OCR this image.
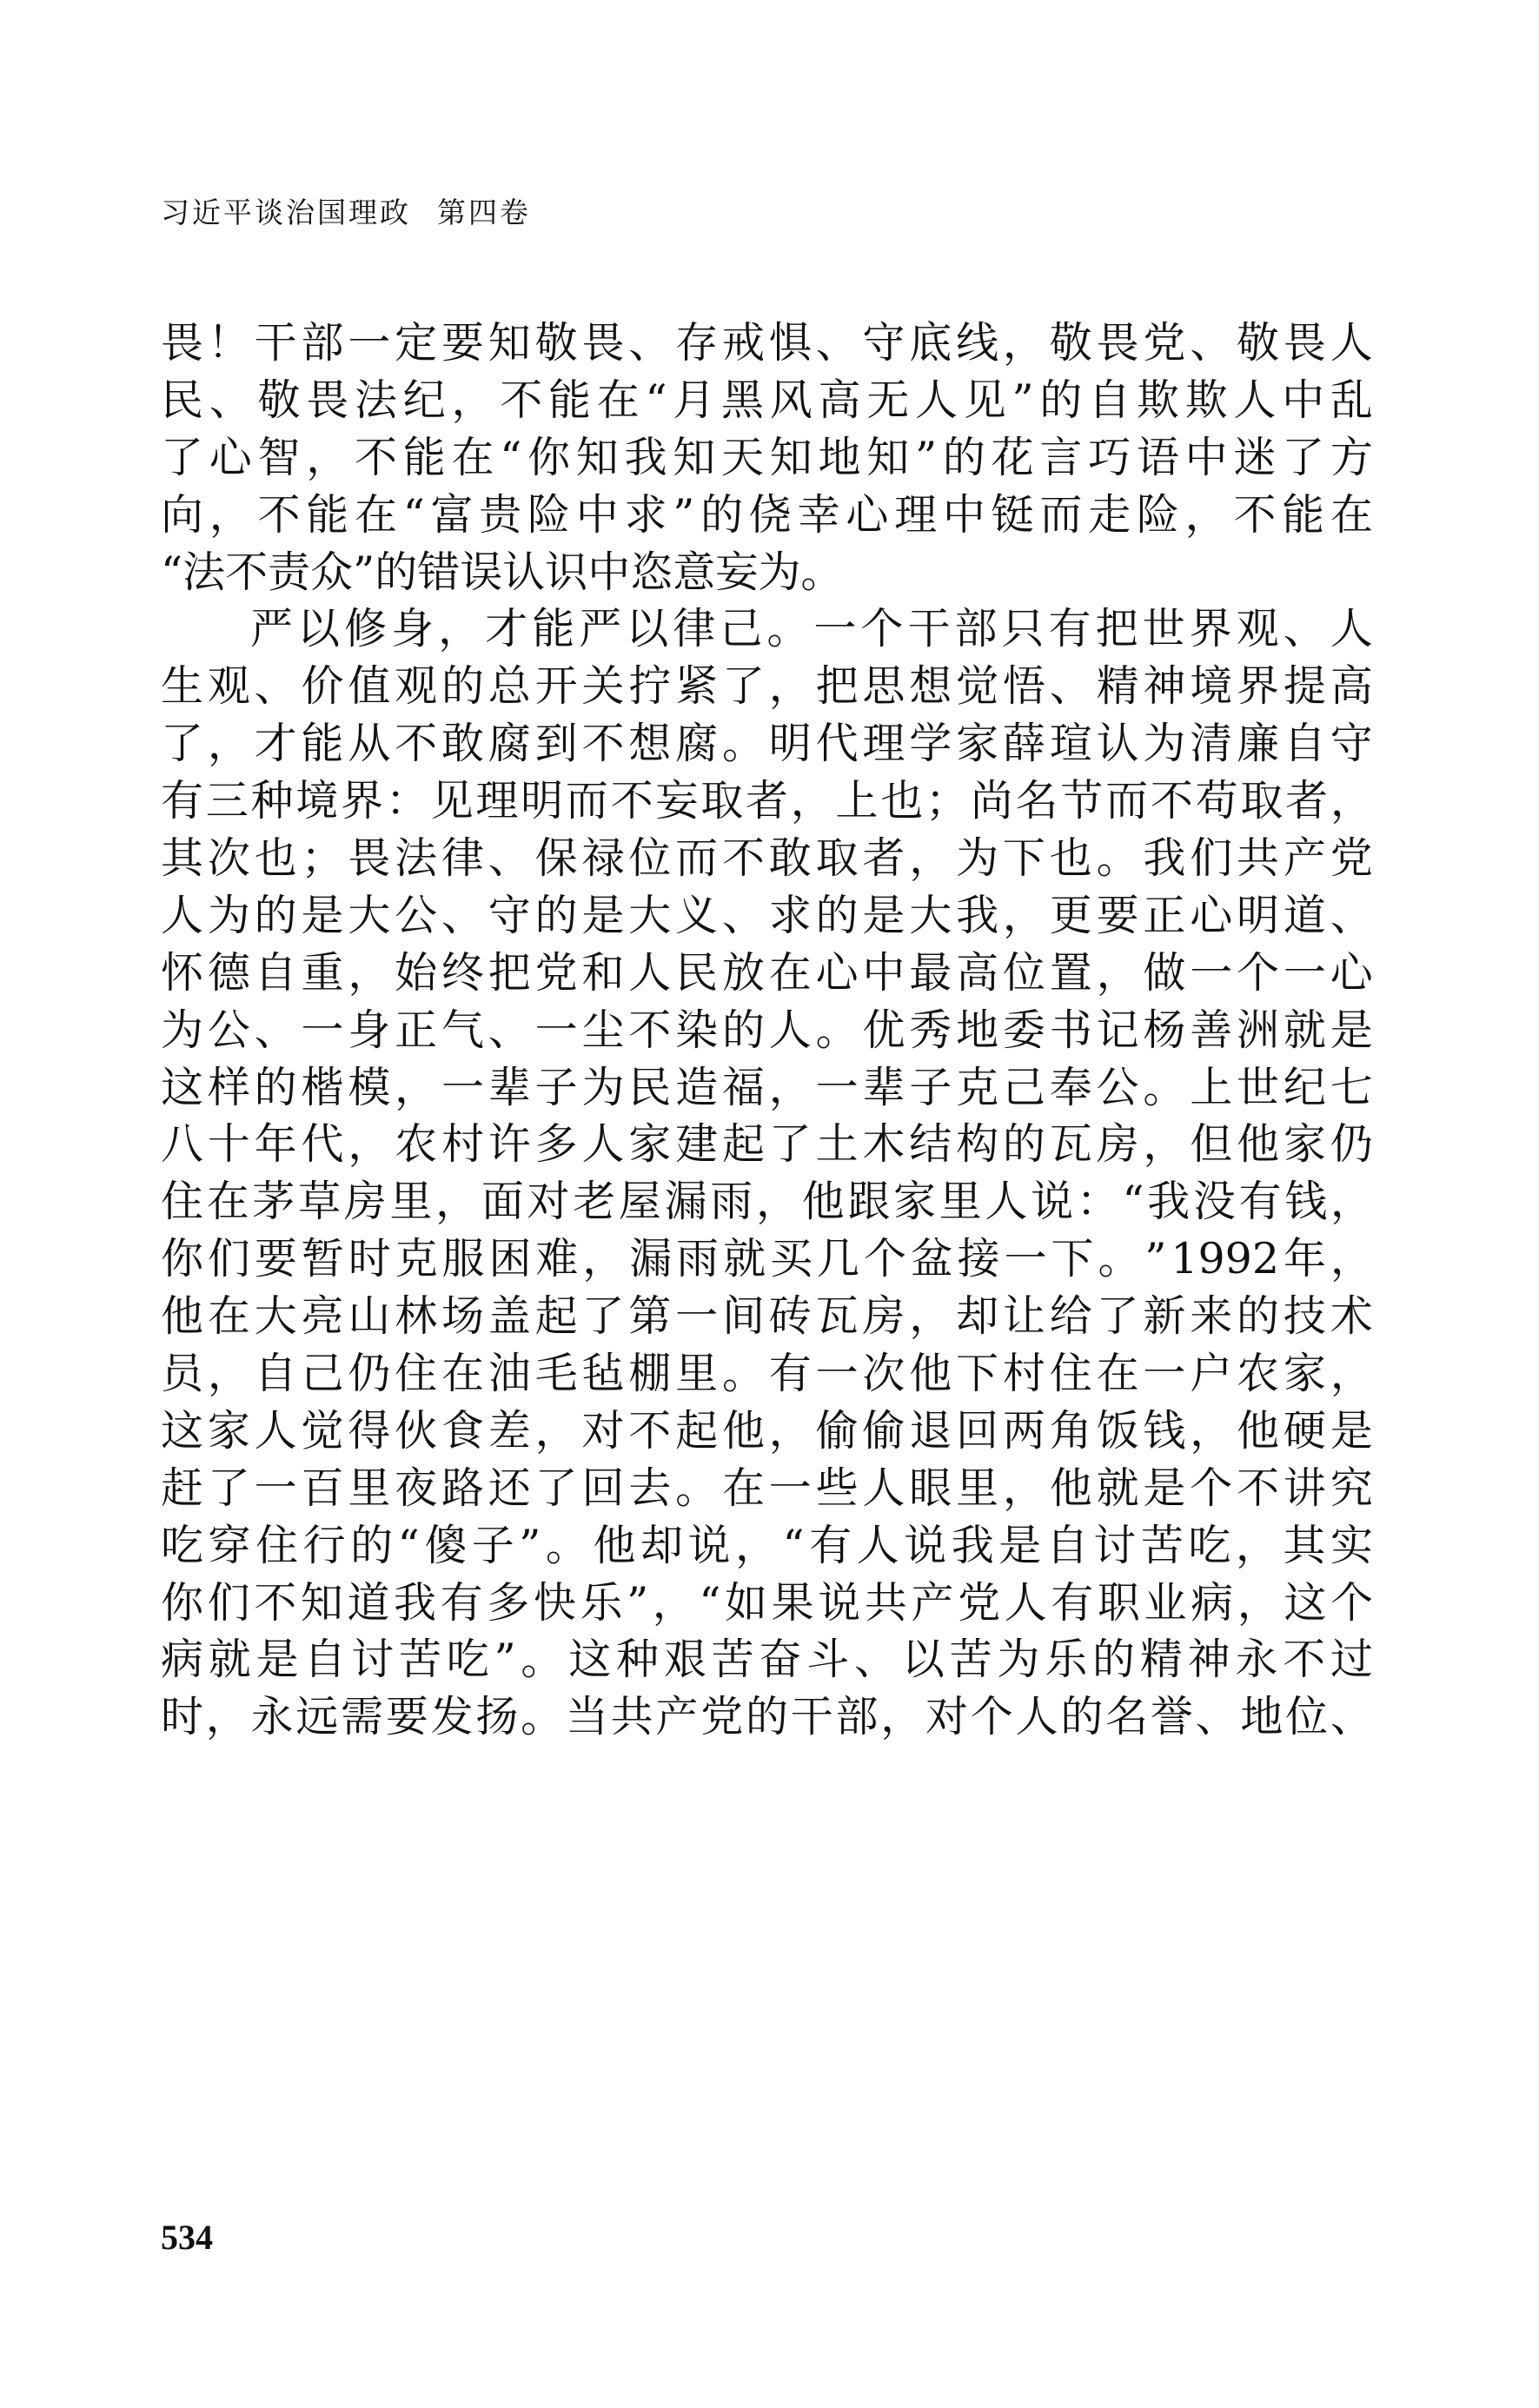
习近平谈治国理政 第四卷
畏 ！ 干 部 一 定 要 知 敬 畏 、 存 戒 惧 、 守 底 线 ， 敬 畏 党 、 敬 畏 人
民 、 敬 畏 法 纪 ， 不 能 在 “ 月 黑 风 高 无 人 见 ” 的 自 欺 欺 人 中 乱
了 心 智 ， 不 能 在 “ 你 知 我 知 天 知 地 知 ” 的 花 言 巧 语 中 迷 了 方
向 ， 不 能 在 “ 富 贵 险 中 求 ” 的 侥 幸 心 理 中 铤 而 走 险 ， 不 能 在
“ 法 不 责 众 ” 的 错 误 认 识 中 恣 意 妄 为 。
严 以 修 身 ， 才 能 严 以 律 己 。 一 个 干 部 只 有 把 世 界 观 、 人
生 观 、 价 值 观 的 总 开 关 拧 紧 了 ， 把 思 想 觉 悟 、 精 神 境 界 提 高
了 ， 才 能 从 不 敢 腐 到 不 想 腐 。 明 代 理 学 家 薛 瑄 认 为 清 廉 自 守
有 三 种 境 界 ： 见 理 明 而 不 妄 取 者 ， 上 也 ； 尚 名 节 而 不 苟 取 者 ，
其 次 也 ； 畏 法 律 、 保 禄 位 而 不 敢 取 者 ， 为 下 也 。 我 们 共 产 党
人 为 的 是 大 公 、 守 的 是 大 义 、 求 的 是 大 我 ， 更 要 正 心 明 道 、
怀 德 自 重 ， 始 终 把 党 和 人 民 放 在 心 中 最 高 位 置 ， 做 一 个 一 心
为 公 、 一 身 正 气 、 一 尘 不 染 的 人 。 优 秀 地 委 书 记 杨 善 洲 就 是
这 样 的 楷 模 ， 一 辈 子 为 民 造 福 ， 一 辈 子 克 己 奉 公 。 上 世 纪 七
八 十 年 代 ， 农 村 许 多 人 家 建 起 了 土 木 结 构 的 瓦 房 ， 但 他 家 仍
住 在 茅 草 房 里 ， 面 对 老 屋 漏 雨 ， 他 跟 家 里 人 说 ： “ 我 没 有 钱 ，
你 们 要 暂 时 克 服 困 难 ， 漏 雨 就 买 几 个 盆 接 一 下 。 ” 1992 年 ，
他 在 大 亮 山 林 场 盖 起 了 第 一 间 砖 瓦 房 ， 却 让 给 了 新 来 的 技 术
员 ， 自 己 仍 住 在 油 毛 毡 棚 里 。 有 一 次 他 下 村 住 在 一 户 农 家 ，
这 家 人 觉 得 伙 食 差 ， 对 不 起 他 ， 偷 偷 退 回 两 角 饭 钱 ， 他 硬 是
赶 了 一 百 里 夜 路 还 了 回 去 。 在 一 些 人 眼 里 ， 他 就 是 个 不 讲 究
吃 穿 住 行 的 “ 傻 子 ” 。 他 却 说 ， “ 有 人 说 我 是 自 讨 苦 吃 ， 其 实
你 们 不 知 道 我 有 多 快 乐 ” ， “ 如 果 说 共 产 党 人 有 职 业 病 ， 这 个
病 就 是 自 讨 苦 吃 ” 。 这 种 艰 苦 奋 斗 、 以 苦 为 乐 的 精 神 永 不 过
时 ， 永 远 需 要 发 扬 。 当 共 产 党 的 干 部 ， 对 个 人 的 名 誉 、 地 位 、
534
